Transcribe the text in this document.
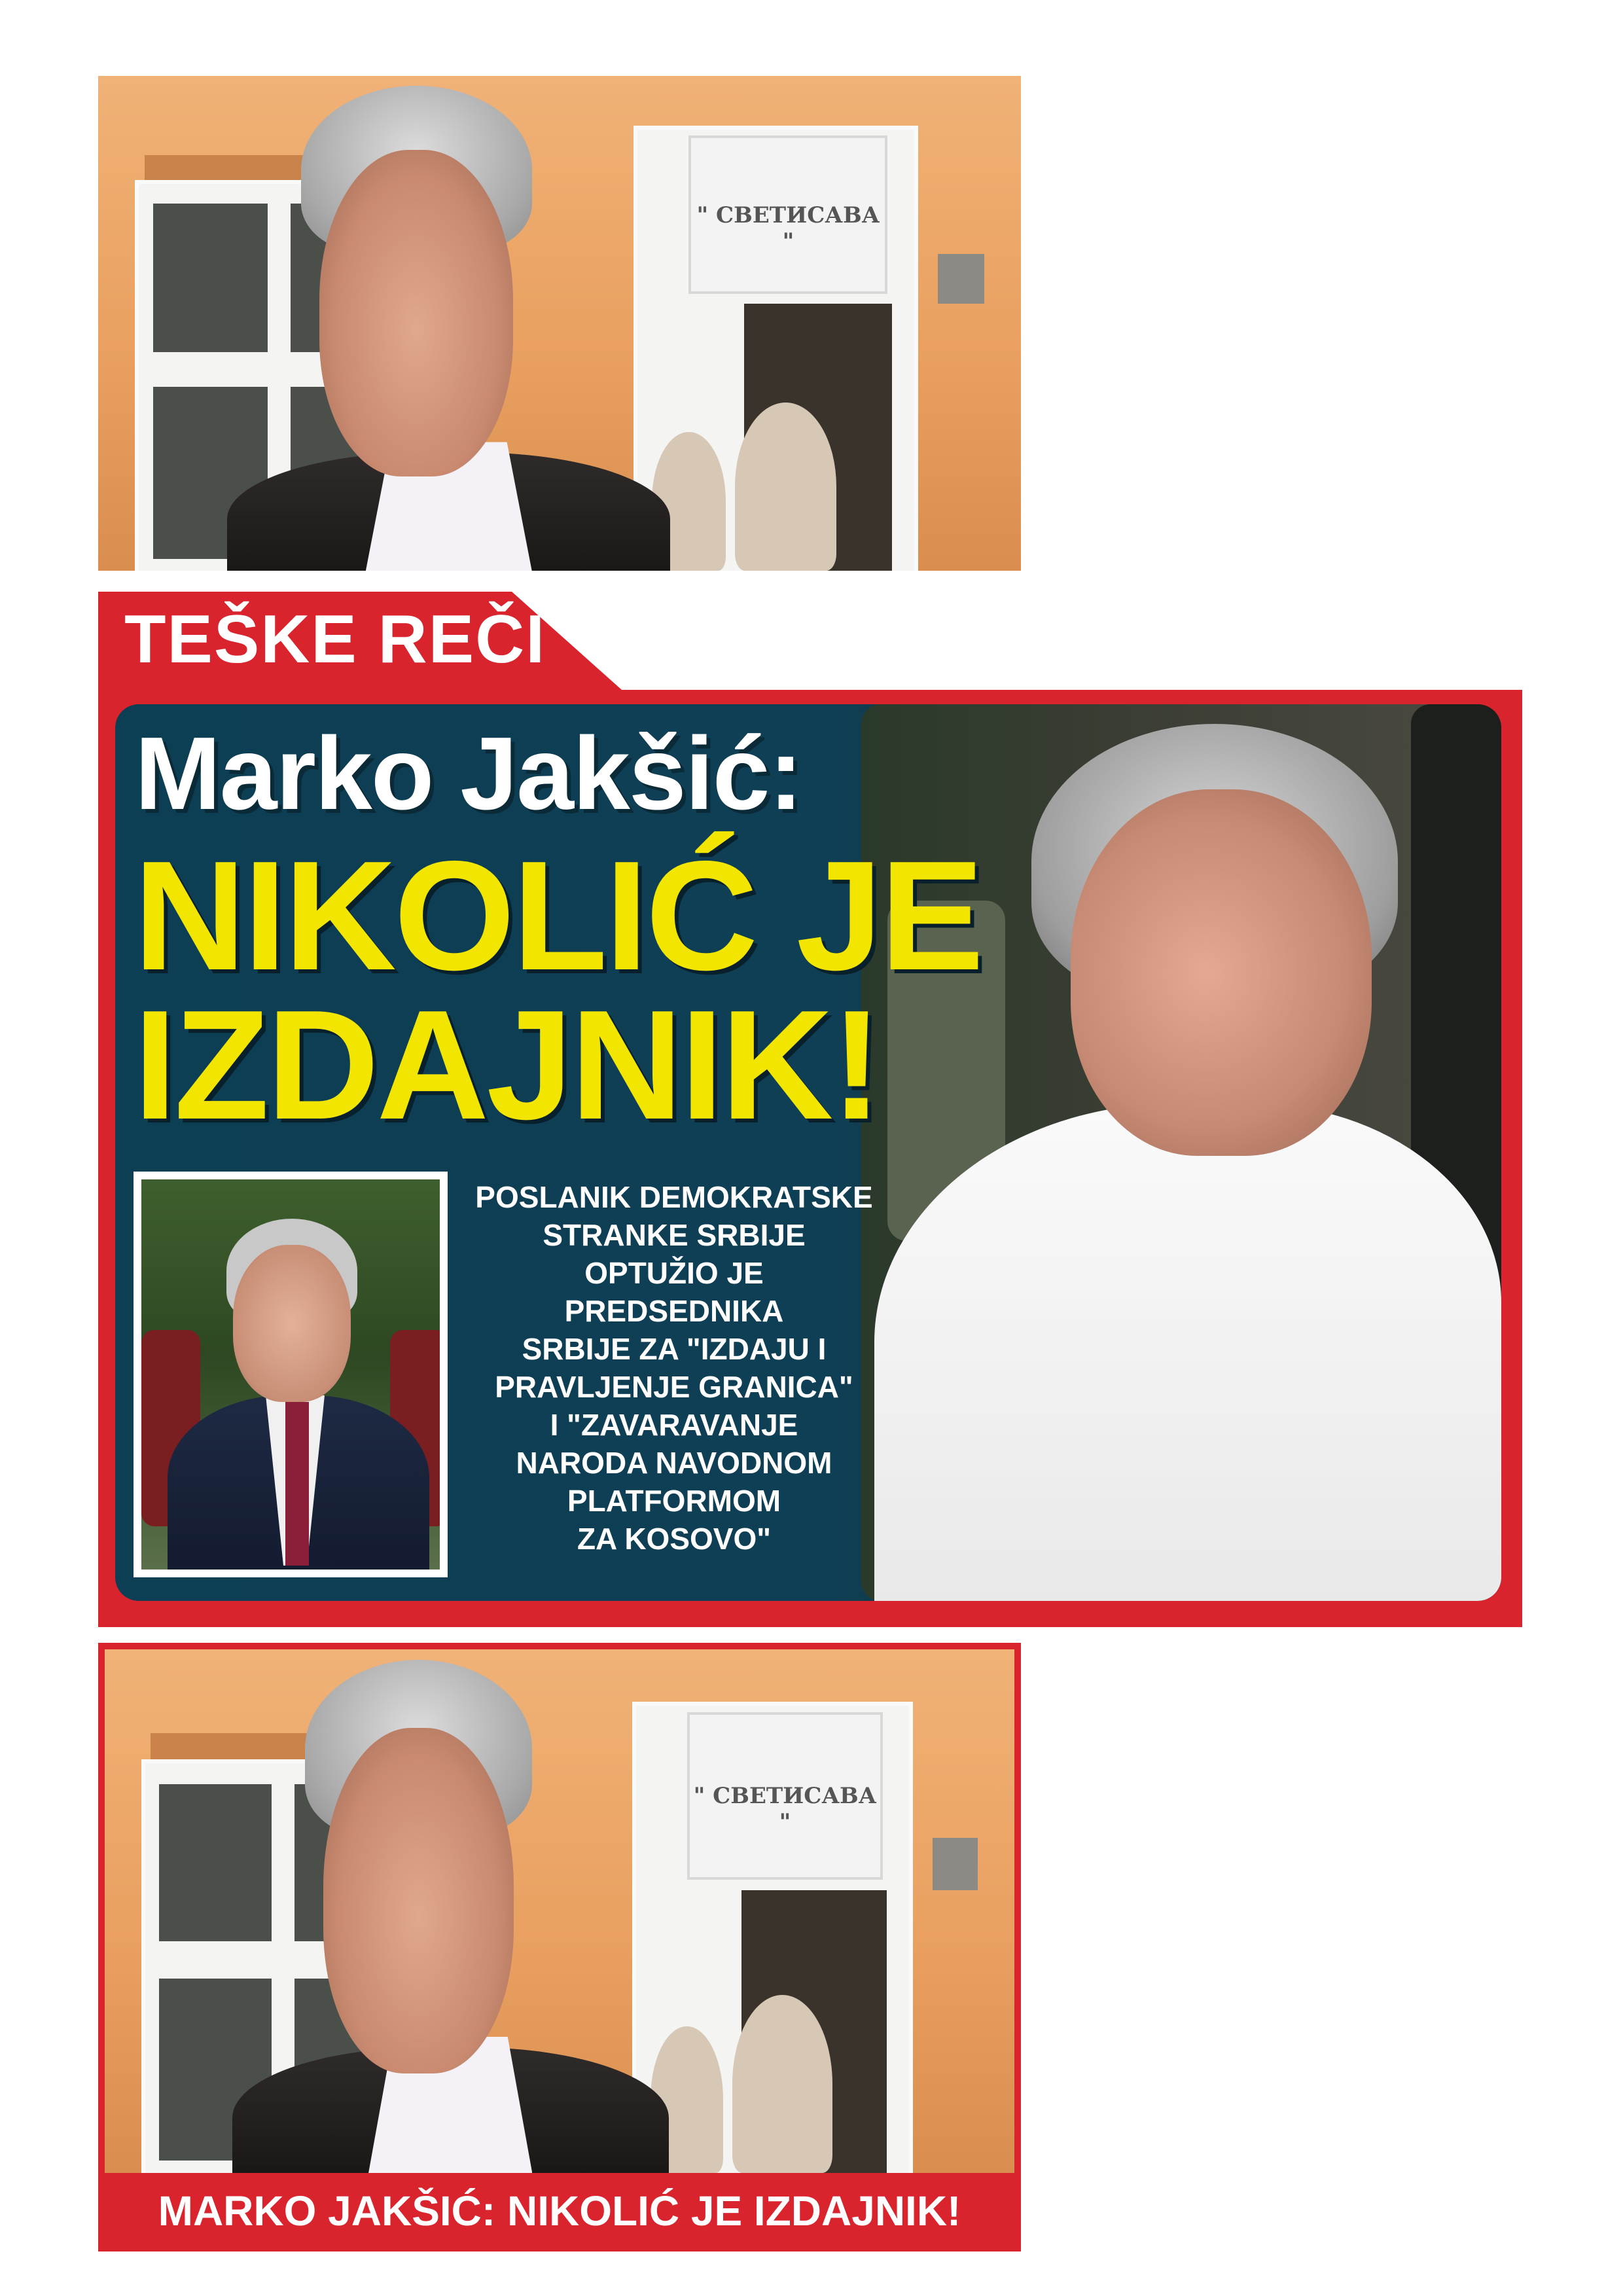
" СВЕТИСАВА "
TEŠKE REČI
Marko Jakšić:
NIKOLIĆ JE
IZDAJNIK!
POSLANIK DEMOKRATSKE
STRANKE SRBIJE
OPTUŽIO JE
PREDSEDNIKA
SRBIJE ZA "IZDAJU I
PRAVLJENJE GRANICA"
I "ZAVARAVANJE
NARODA NAVODNOM
PLATFORMOM
ZA KOSOVO"
" СВЕТИСАВА "
MARKO JAKŠIĆ: NIKOLIĆ JE IZDAJNIK!
